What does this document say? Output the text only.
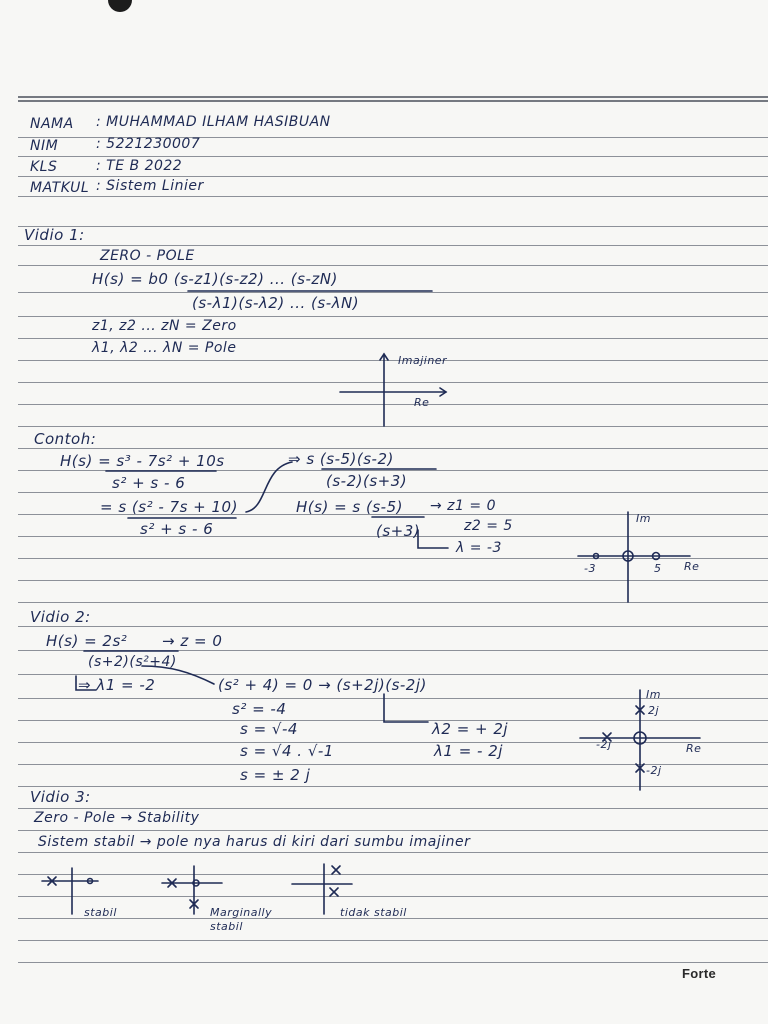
NAMA : MUHAMMAD ILHAM HASIBUAN
NIM	: 5221230007
KLS	: TE B 2022
MATKUL : Sistem Linier
Vidio 1:
ZERO - POLE
H(s) = b0 (s-z1)(s-z2) ... (s-zN)
(s-λ1)(s-λ2) ... (s-λN)
z1, z2 ... zN = Zero
λ1, λ2 ... λN = Pole
Imajiner
Re
Contoh:
H(s) = s³ - 7s² + 10s
s² + s - 6
= s (s² - 7s + 10)
s² + s - 6
⇒ s (s-5)(s-2)
(s-2)(s+3)
H(s) = s (s-5)
(s+3)
→ z1 = 0
z2 = 5
λ = -3
Im
Re
-3	5
Vidio 2:
H(s) = 2s²
(s+2)(s²+4)
→ z = 0
⇒ λ1 = -2	(s² + 4) = 0 → (s+2j)(s-2j)
s² = -4
s = √-4
s = √4 . √-1
s = ± 2 j
λ2 = + 2j
λ1 = - 2j
Im
Re
2j
-2j
-2j
Vidio 3:
Zero - Pole → Stability
Sistem stabil → pole nya harus di kiri dari sumbu imajiner
stabil	Marginally
stabil
tidak stabil
Forte
